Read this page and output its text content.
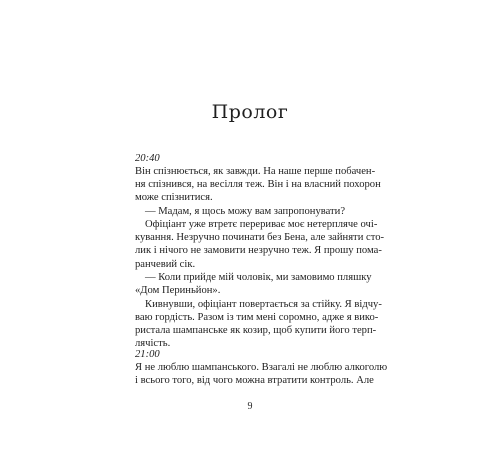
Пролог
20:40
Він спізнюється, як завжди. На наше перше побачен-
ня спізнився, на весілля теж. Він і на власний похорон
може спізнитися.
— Мадам, я щось можу вам запропонувати?
Офіціант уже втретє перериває моє нетерпляче очі-
кування. Незручно починати без Бена, але зайняти сто-
лик і нічого не замовити незручно теж. Я прошу пома-
ранчевий сік.
— Коли прийде мій чоловік, ми замовимо пляшку
«Дом Периньйон».
Кивнувши, офіціант повертається за стійку. Я відчу-
ваю гордість. Разом із тим мені соромно, адже я вико-
ристала шампанське як козир, щоб купити його терп-
лячість.
21:00
Я не люблю шампанського. Взагалі не люблю алкоголю
і всього того, від чого можна втратити контроль. Але
9
